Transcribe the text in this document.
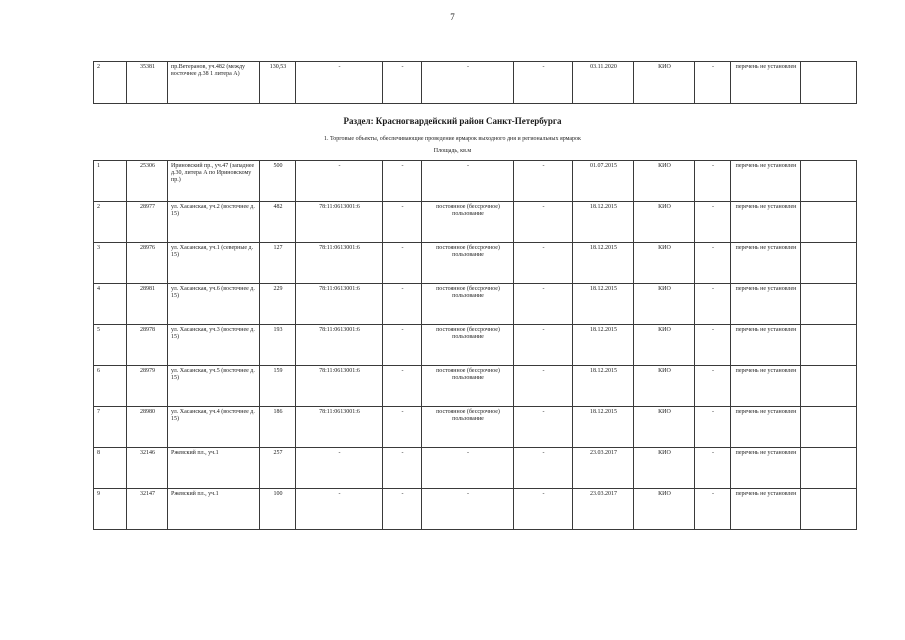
7
2	35381	пр.Ветеранов, уч.482 (между восточнее д.38 1 литера А)	130,53	-	-	-	-	03.11.2020	КИО	-	перечень не установлен	
Раздел: Красногвардейский район Санкт-Петербурга
1. Торговые объекты, обеспечивающие проведение ярмарок выходного дня и региональных ярмарок
Площадь, кв.м
1	25306	Ириновский пр., уч.47 (западнее д.30, литера А по Ириновскому пр.)	500	-	-	-	-	01.07.2015	КИО	-	перечень не установлен	
2	28977	ул. Хасанская, уч.2 (восточнее д. 15)	482	78:11:0613001:6	-	постоянное (бессрочное) пользование	-	18.12.2015	КИО	-	перечень не установлен	
3	28976	ул. Хасанская, уч.1 (северные д. 15)	127	78:11:0613001:6	-	постоянное (бессрочное) пользование	-	18.12.2015	КИО	-	перечень не установлен	
4	28981	ул. Хасанская, уч.6 (восточнее д. 15)	229	78:11:0613001:6	-	постоянное (бессрочное) пользование	-	18.12.2015	КИО	-	перечень не установлен	
5	28978	ул. Хасанская, уч.3 (восточнее д. 15)	193	78:11:0613001:6	-	постоянное (бессрочное) пользование	-	18.12.2015	КИО	-	перечень не установлен	
6	28979	ул. Хасанская, уч.5 (восточнее д. 15)	159	78:11:0613001:6	-	постоянное (бессрочное) пользование	-	18.12.2015	КИО	-	перечень не установлен	
7	28980	ул. Хасанская, уч.4 (восточнее д. 15)	186	78:11:0613001:6	-	постоянное (бессрочное) пользование	-	18.12.2015	КИО	-	перечень не установлен	
8	32146	Ржевский пл., уч.1	257	-	-	-	-	23.03.2017	КИО	-	перечень не установлен	
9	32147	Ржевский пл., уч.1	100	-	-	-	-	23.03.2017	КИО	-	перечень не установлен	
